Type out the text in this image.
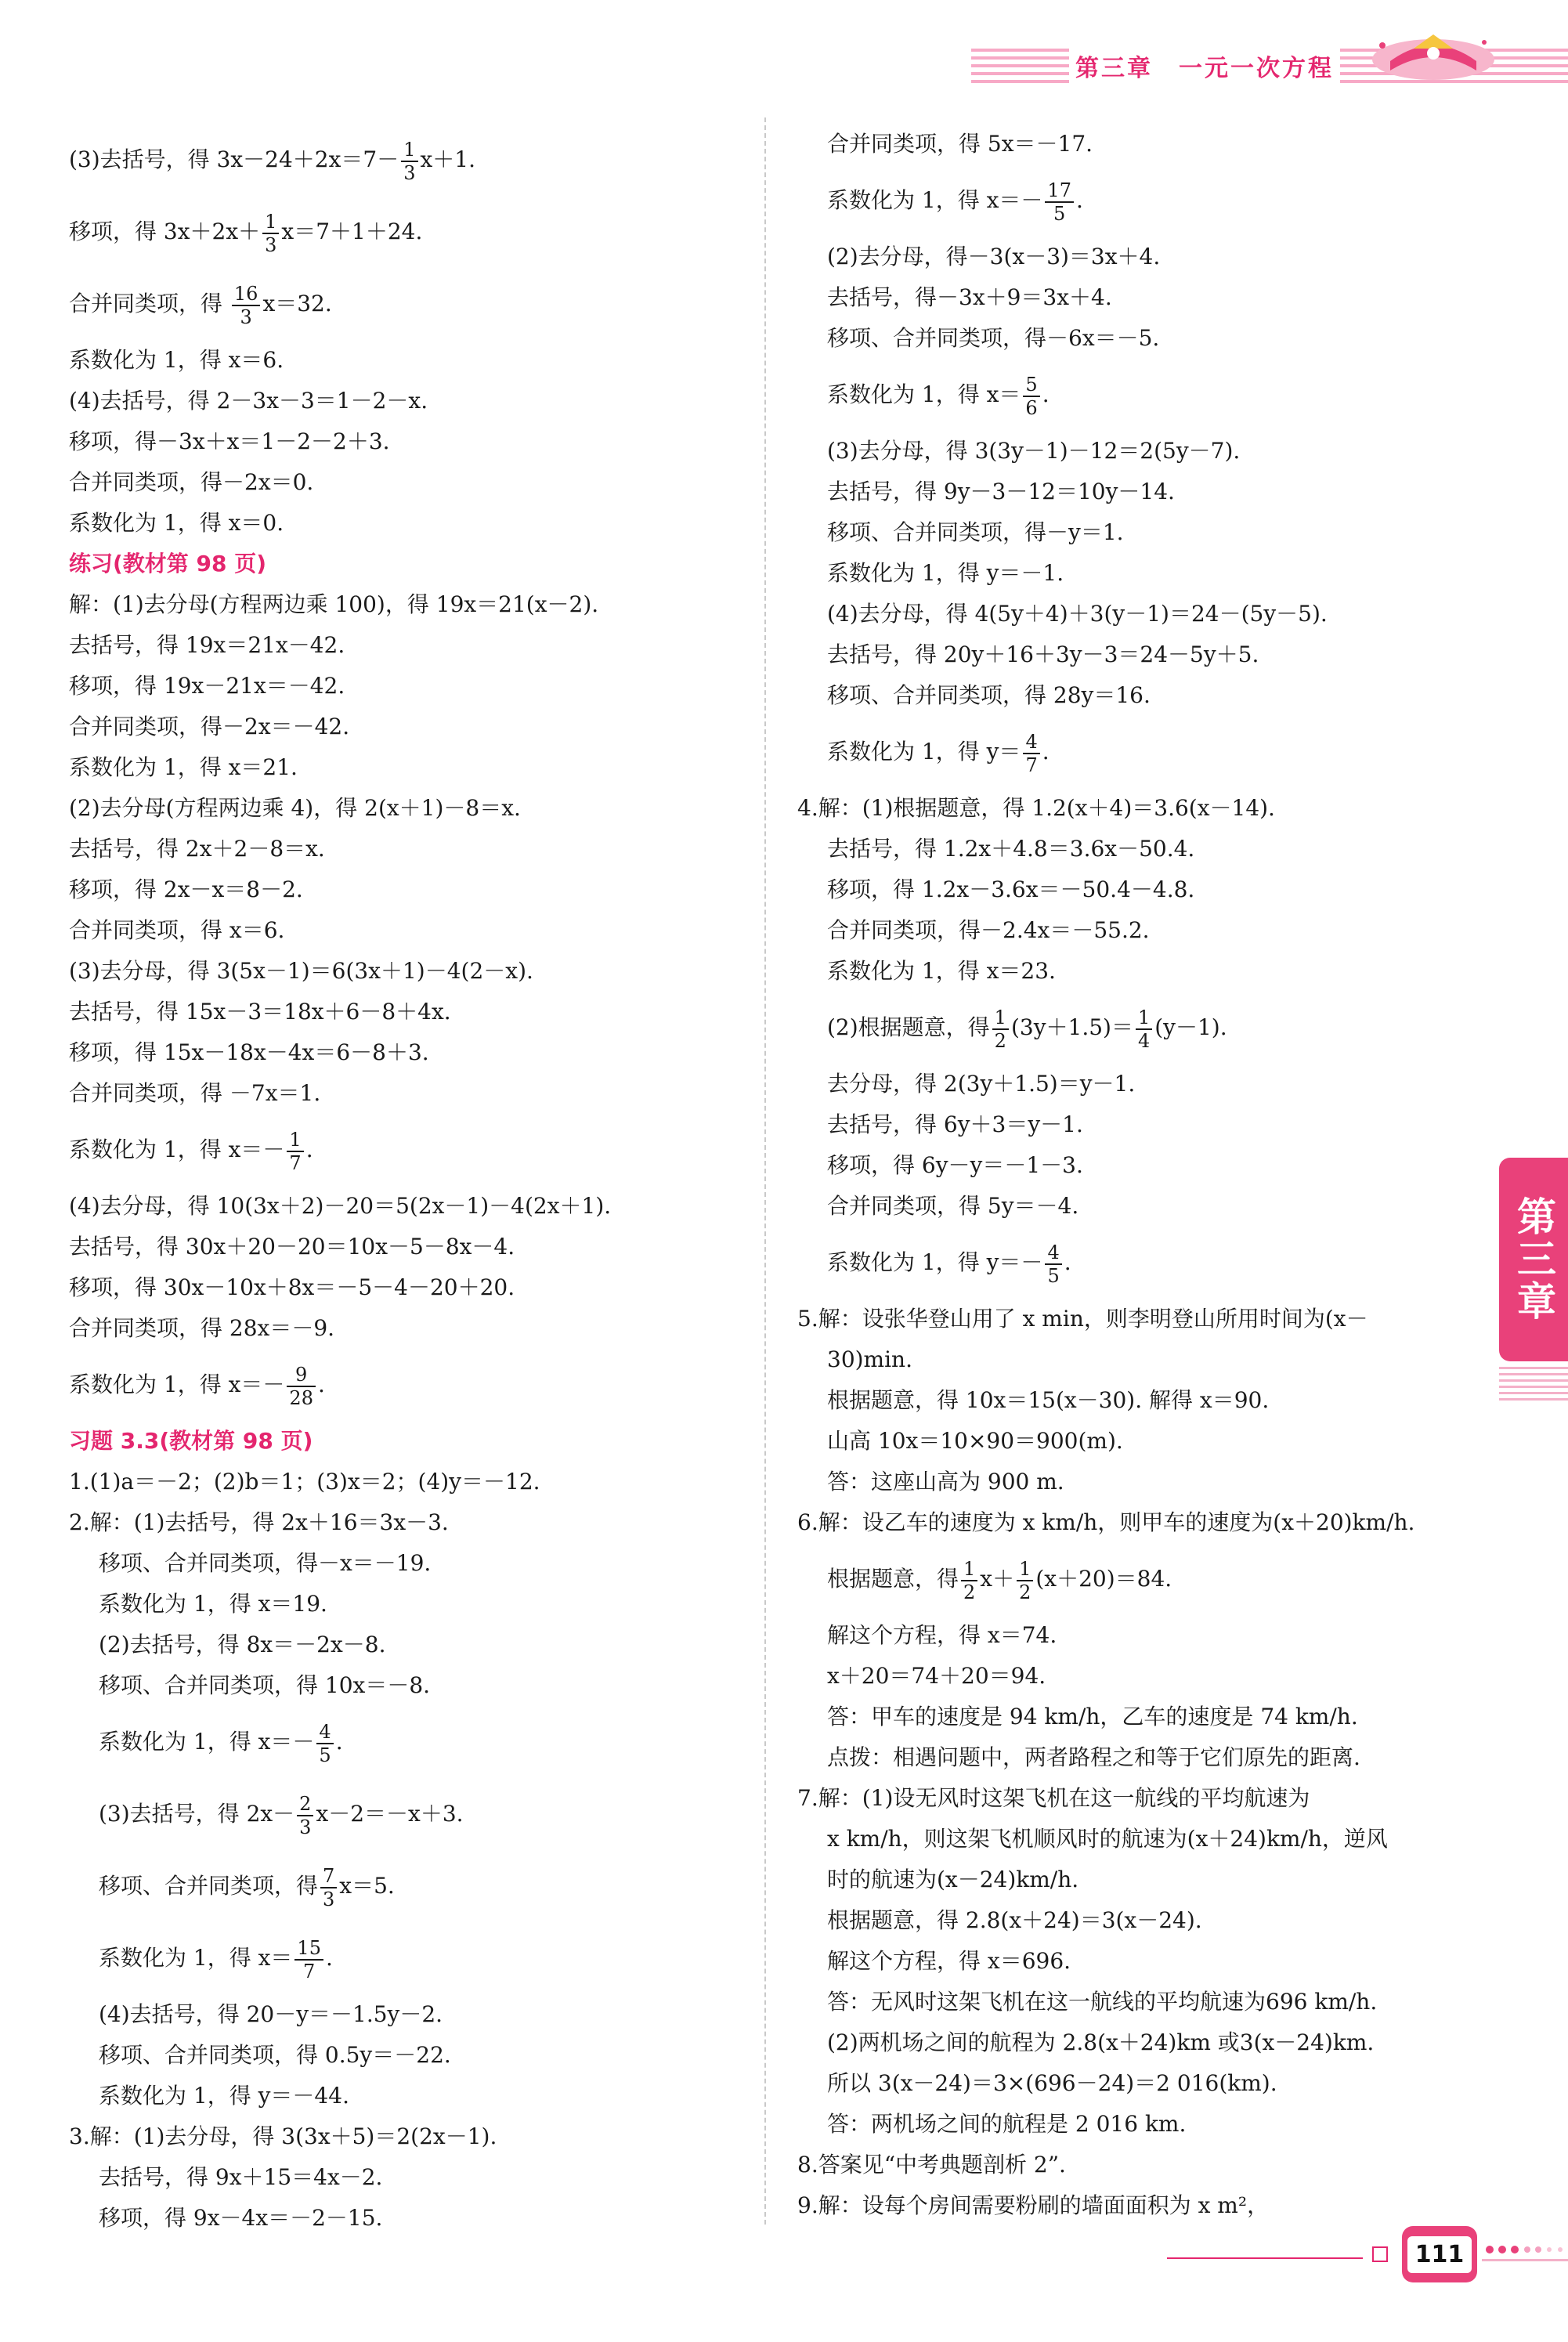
第三章　一元一次方程
(3)去括号，得 $3x-24+2x=7- \frac{1}{3} x+1$.
移项，得 $3x+2x+ \frac{1}{3} x=7+1+24$.
合并同类项，得 $\frac{16}{3} x=32$.
系数化为 1，得 x＝6.
(4)去括号，得 2－3x－3＝1－2－x.
移项，得－3x＋x＝1－2－2＋3.
合并同类项，得－2x＝0.
系数化为 1，得 x＝0.
练习(教材第 98 页)
解：(1)去分母(方程两边乘 100)，得 19x＝21(x－2).
去括号，得 19x＝21x－42.
移项，得 19x－21x＝－42.
合并同类项，得－2x＝－42.
系数化为 1，得 x＝21.
(2)去分母(方程两边乘 4)，得 2(x＋1)－8＝x.
去括号，得 2x＋2－8＝x.
移项，得 2x－x＝8－2.
合并同类项，得 x＝6.
(3)去分母，得 3(5x－1)＝6(3x＋1)－4(2－x).
去括号，得 15x－3＝18x＋6－8＋4x.
移项，得 15x－18x－4x＝6－8＋3.
合并同类项，得 －7x＝1.
系数化为 1，得 $x=- \frac{1}{7}$ .
(4)去分母，得 10(3x＋2)－20＝5(2x－1)－4(2x＋1).
去括号，得 30x＋20－20＝10x－5－8x－4.
移项，得 30x－10x＋8x＝－5－4－20＋20.
合并同类项，得 28x＝－9.
系数化为 1，得 $x=- \frac{9}{28}$ .
习题 3.3(教材第 98 页)
1.(1)a＝－2；(2)b＝1；(3)x＝2；(4)y＝－12.
2.解：(1)去括号，得 2x＋16＝3x－3.
移项、合并同类项，得－x＝－19.
系数化为 1，得 x＝19.
(2)去括号，得 8x＝－2x－8.
移项、合并同类项，得 10x＝－8.
系数化为 1，得 $x=- \frac{4}{5}$ .
(3)去括号，得 $2x- \frac{2}{3} x-2=-x+3$.
移项、合并同类项，得 $\frac{7}{3} x=5$.
系数化为 1，得 $x= \frac{15}{7}$ .
(4)去括号，得 20－y＝－1.5y－2.
移项、合并同类项，得 0.5y＝－22.
系数化为 1，得 y＝－44.
3.解：(1)去分母，得 3(3x＋5)＝2(2x－1).
去括号，得 9x＋15＝4x－2.
移项，得 9x－4x＝－2－15.
合并同类项，得 5x＝－17.
系数化为 1，得 $x=- \frac{17}{5}$ .
(2)去分母，得－3(x－3)＝3x＋4.
去括号，得－3x＋9＝3x＋4.
移项、合并同类项，得－6x＝－5.
系数化为 1，得 $x= \frac{5}{6}$ .
(3)去分母，得 3(3y－1)－12＝2(5y－7).
去括号，得 9y－3－12＝10y－14.
移项、合并同类项，得－y＝1.
系数化为 1，得 y＝－1.
(4)去分母，得 4(5y＋4)＋3(y－1)＝24－(5y－5).
去括号，得 20y＋16＋3y－3＝24－5y＋5.
移项、合并同类项，得 28y＝16.
系数化为 1，得 $y= \frac{4}{7}$ .
4.解：(1)根据题意，得 1.2(x＋4)＝3.6(x－14).
去括号，得 1.2x＋4.8＝3.6x－50.4.
移项，得 1.2x－3.6x＝－50.4－4.8.
合并同类项，得－2.4x＝－55.2.
系数化为 1，得 x＝23.
(2)根据题意，得 $\frac{1}{2} (3y+1.5)= \frac{1}{4} (y-1)$.
去分母，得 2(3y＋1.5)＝y－1.
去括号，得 6y＋3＝y－1.
移项，得 6y－y＝－1－3.
合并同类项，得 5y＝－4.
系数化为 1，得 $y=- \frac{4}{5}$ .
5.解：设张华登山用了 x min，则李明登山所用时间为(x－
30)min.
根据题意，得 10x＝15(x－30). 解得 x＝90.
山高 10x＝10×90＝900(m).
答：这座山高为 900 m.
6.解：设乙车的速度为 x km/h，则甲车的速度为(x＋20)km/h.
根据题意，得 $\frac{1}{2} x+ \frac{1}{2} (x+20)=84$.
解这个方程，得 x＝74.
x＋20＝74＋20＝94.
答：甲车的速度是 94 km/h，乙车的速度是 74 km/h.
点拨：相遇问题中，两者路程之和等于它们原先的距离.
7.解：(1)设无风时这架飞机在这一航线的平均航速为
x km/h，则这架飞机顺风时的航速为(x＋24)km/h，逆风
时的航速为(x－24)km/h.
根据题意，得 2.8(x＋24)＝3(x－24).
解这个方程，得 x＝696.
答：无风时这架飞机在这一航线的平均航速为696 km/h.
(2)两机场之间的航程为 2.8(x＋24)km 或3(x－24)km.
所以 3(x－24)＝3×(696－24)＝2 016(km).
答：两机场之间的航程是 2 016 km.
8.答案见“中考典题剖析 2”.
9.解：设每个房间需要粉刷的墙面面积为 x m²，
第三章
111
